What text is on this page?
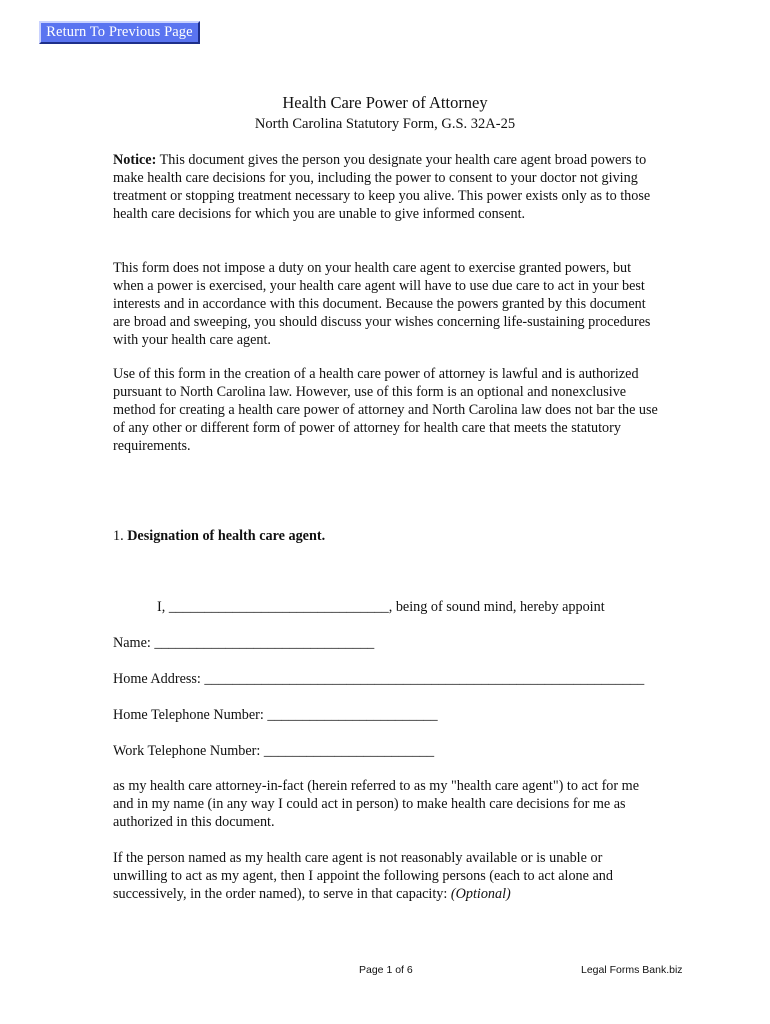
Return To Previous Page
Health Care Power of Attorney
North Carolina Statutory Form, G.S. 32A-25

Notice: This document gives the person you designate your health care agent broad powers to make health care decisions for you, including the power to consent to your doctor not giving treatment or stopping treatment necessary to keep you alive. This power exists only as to those health care decisions for which you are unable to give informed consent.

This form does not impose a duty on your health care agent to exercise granted powers, but when a power is exercised, your health care agent will have to use due care to act in your best interests and in accordance with this document. Because the powers granted by this document are broad and sweeping, you should discuss your wishes concerning life-sustaining procedures with your health care agent.

Use of this form in the creation of a health care power of attorney is lawful and is authorized pursuant to North Carolina law. However, use of this form is an optional and nonexclusive method for creating a health care power of attorney and North Carolina law does not bar the use of any other or different form of power of attorney for health care that meets the statutory requirements.

1. Designation of health care agent.

I, _______________________________, being of sound mind, hereby appoint

Name: _______________________________

Home Address: ______________________________________________________________

Home Telephone Number: ________________________

Work Telephone Number: ________________________

as my health care attorney-in-fact (herein referred to as my "health care agent") to act for me and in my name (in any way I could act in person) to make health care decisions for me as authorized in this document.

If the person named as my health care agent is not reasonably available or is unable or unwilling to act as my agent, then I appoint the following persons (each to act alone and successively, in the order named), to serve in that capacity: (Optional)

Page 1 of 6	Legal Forms Bank.biz
